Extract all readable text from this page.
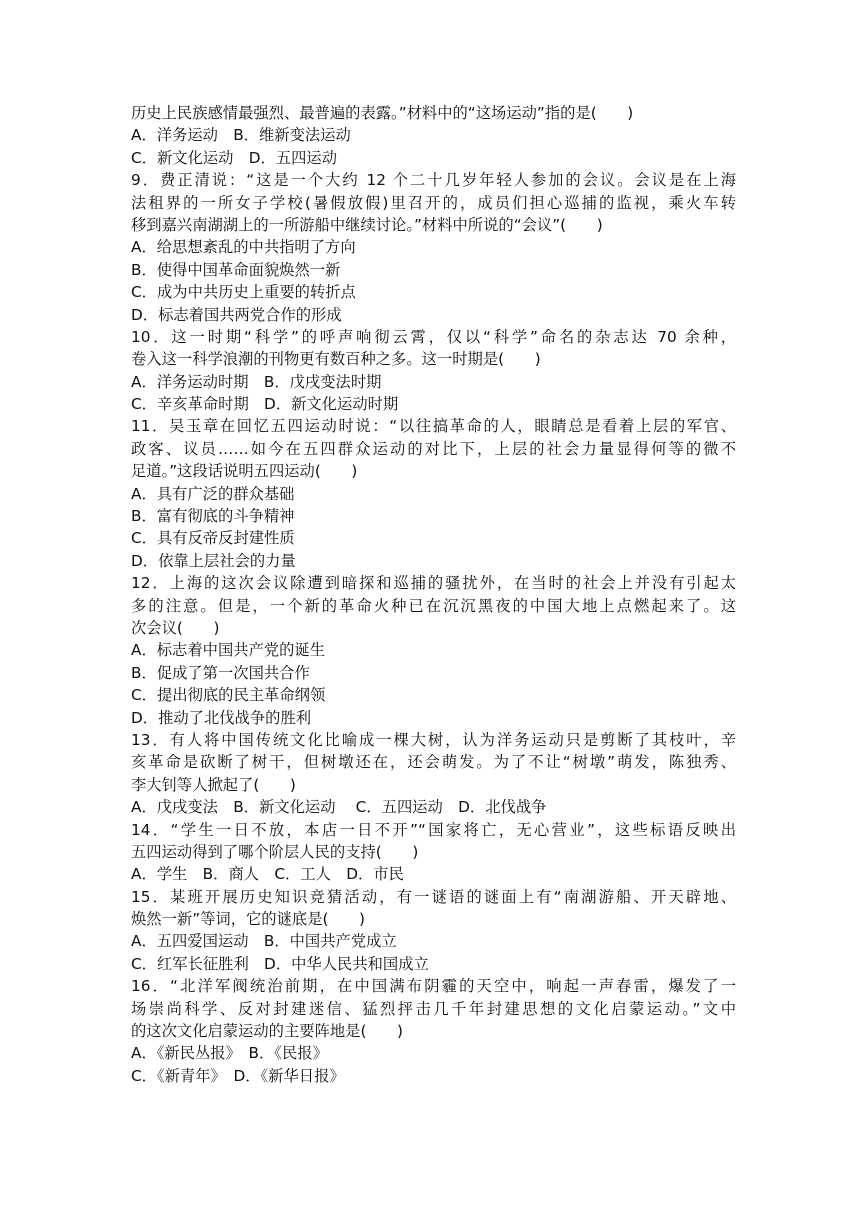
历史上民族感情最强烈、最普遍的表露。”材料中的“这场运动”指的是(　　)
A．洋务运动　B．维新变法运动
C．新文化运动　D．五四运动
9．费正清说：“这是一个大约 12 个二十几岁年轻人参加的会议。会议是在上海
法租界的一所女子学校(暑假放假)里召开的，成员们担心巡捕的监视，乘火车转
移到嘉兴南湖湖上的一所游船中继续讨论。”材料中所说的“会议”(　　)
A．给思想紊乱的中共指明了方向
B．使得中国革命面貌焕然一新
C．成为中共历史上重要的转折点
D．标志着国共两党合作的形成
10．这一时期“科学”的呼声响彻云霄，仅以“科学”命名的杂志达 70 余种，
卷入这一科学浪潮的刊物更有数百种之多。这一时期是(　　)
A．洋务运动时期　B．戊戌变法时期
C．辛亥革命时期　D．新文化运动时期
11．吴玉章在回忆五四运动时说：“以往搞革命的人，眼睛总是看着上层的军官、
政客、议员……如今在五四群众运动的对比下，上层的社会力量显得何等的微不
足道。”这段话说明五四运动(　　)
A．具有广泛的群众基础
B．富有彻底的斗争精神
C．具有反帝反封建性质
D．依靠上层社会的力量
12．上海的这次会议除遭到暗探和巡捕的骚扰外，在当时的社会上并没有引起太
多的注意。但是，一个新的革命火种已在沉沉黑夜的中国大地上点燃起来了。这
次会议(　　)
A．标志着中国共产党的诞生
B．促成了第一次国共合作
C．提出彻底的民主革命纲领
D．推动了北伐战争的胜利
13．有人将中国传统文化比喻成一棵大树，认为洋务运动只是剪断了其枝叶，辛
亥革命是砍断了树干，但树墩还在，还会萌发。为了不让“树墩”萌发，陈独秀、
李大钊等人掀起了(　　)
A．戊戌变法　B．新文化运动　 C．五四运动　D．北伐战争
14．“学生一日不放，本店一日不开”“国家将亡，无心营业”，这些标语反映出
五四运动得到了哪个阶层人民的支持(　　)
A．学生　B．商人　C．工人　D．市民
15．某班开展历史知识竞猜活动，有一谜语的谜面上有“南湖游船、开天辟地、
焕然一新”等词，它的谜底是(　　)
A．五四爱国运动　B．中国共产党成立
C．红军长征胜利　D．中华人民共和国成立
16．“北洋军阀统治前期，在中国满布阴霾的天空中，响起一声春雷，爆发了一
场崇尚科学、反对封建迷信、猛烈抨击几千年封建思想的文化启蒙运动。”文中
的这次文化启蒙运动的主要阵地是(　　)
A．《新民丛报》　B．《民报》
C．《新青年》　D．《新华日报》
